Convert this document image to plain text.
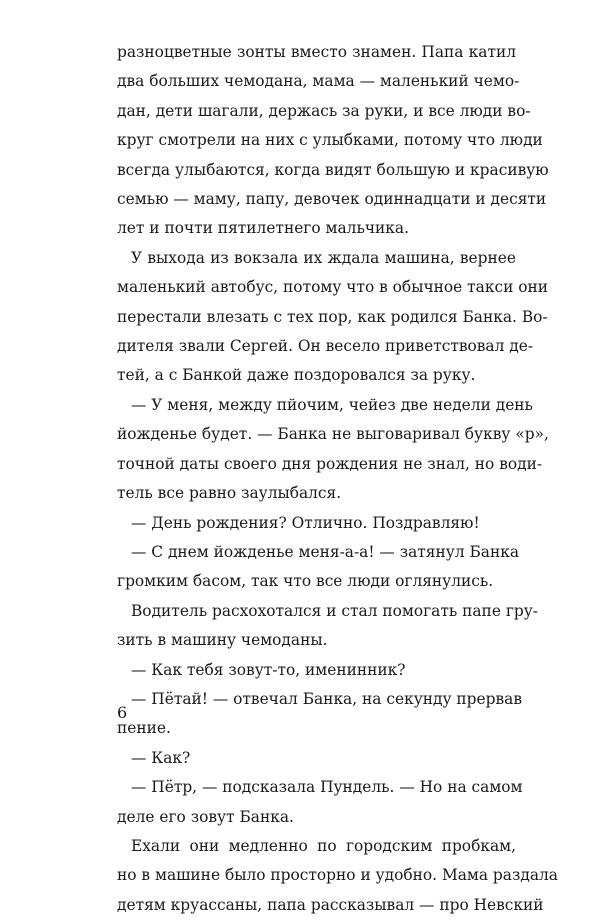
разноцветные зонты вместо знамен. Папа катил
два больших чемодана, мама — маленький чемо-
дан, дети шагали, держась за руки, и все люди во-
круг смотрели на них с улыбками, потому что люди
всегда улыбаются, когда видят большую и красивую
семью — маму, папу, девочек одиннадцати и десяти
лет и почти пятилетнего мальчика.
У выхода из вокзала их ждала машина, вернее
маленький автобус, потому что в обычное такси они
перестали влезать с тех пор, как родился Банка. Во-
дителя звали Сергей. Он весело приветствовал де-
тей, а с Банкой даже поздоровался за руку.
— У меня, между пйочим, чейез две недели день
йожденье будет. — Банка не выговаривал букву «р»,
точной даты своего дня рождения не знал, но води-
тель все равно заулыбался.
— День рождения? Отлично. Поздравляю!
— С днем йожденье меня-а-а! — затянул Банка
громким басом, так что все люди оглянулись.
Водитель расхохотался и стал помогать папе гру-
зить в машину чемоданы.
— Как тебя зовут-то, именинник?
— Пётай! — отвечал Банка, на секунду прервав
пение.
— Как?
— Пётр, — подсказала Пундель. — Но на самом
деле его зовут Банка.
Ехали они медленно по городским пробкам,
но в машине было просторно и удобно. Мама раздала
детям круассаны, папа рассказывал — про Невский
6
